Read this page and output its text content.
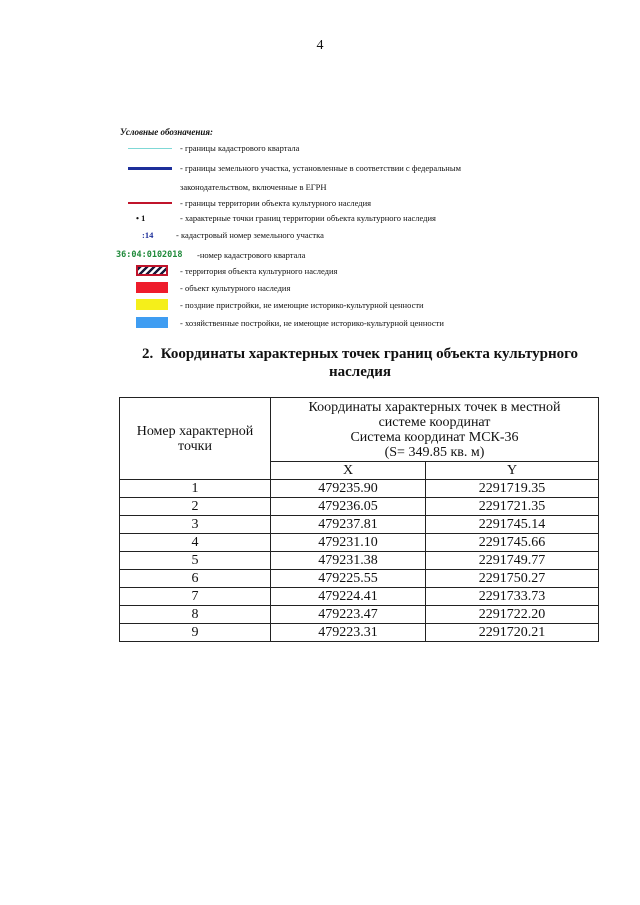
4
Условные обозначения:
- границы кадастрового квартала
- границы земельного участка, установленные в соответствии с федеральным
законодательством, включенные в ЕГРН
- границы территории объекта культурного наследия
• 1	- характерные точки границ территории объекта культурного наследия
:14	- кадастровый номер земельного участка
36:04:0102018 -номер кадастрового квартала
- территория объекта культурного наследия
- объект культурного наследия
- поздние пристройки, не имеющие историко-культурной ценности
- хозяйственные постройки, не имеющие историко-культурной ценности
2. Координаты характерных точек границ объекта культурного
наследия
Номер характерной точки	Координаты характерных точек в местной
системе координат
Система координат МСК-36
(S= 349.85 кв. м)	

	X	Y
1	479235.90	2291719.35
2	479236.05	2291721.35
3	479237.81	2291745.14
4	479231.10	2291745.66
5	479231.38	2291749.77
6	479225.55	2291750.27
7	479224.41	2291733.73
8	479223.47	2291722.20
9	479223.31	2291720.21
